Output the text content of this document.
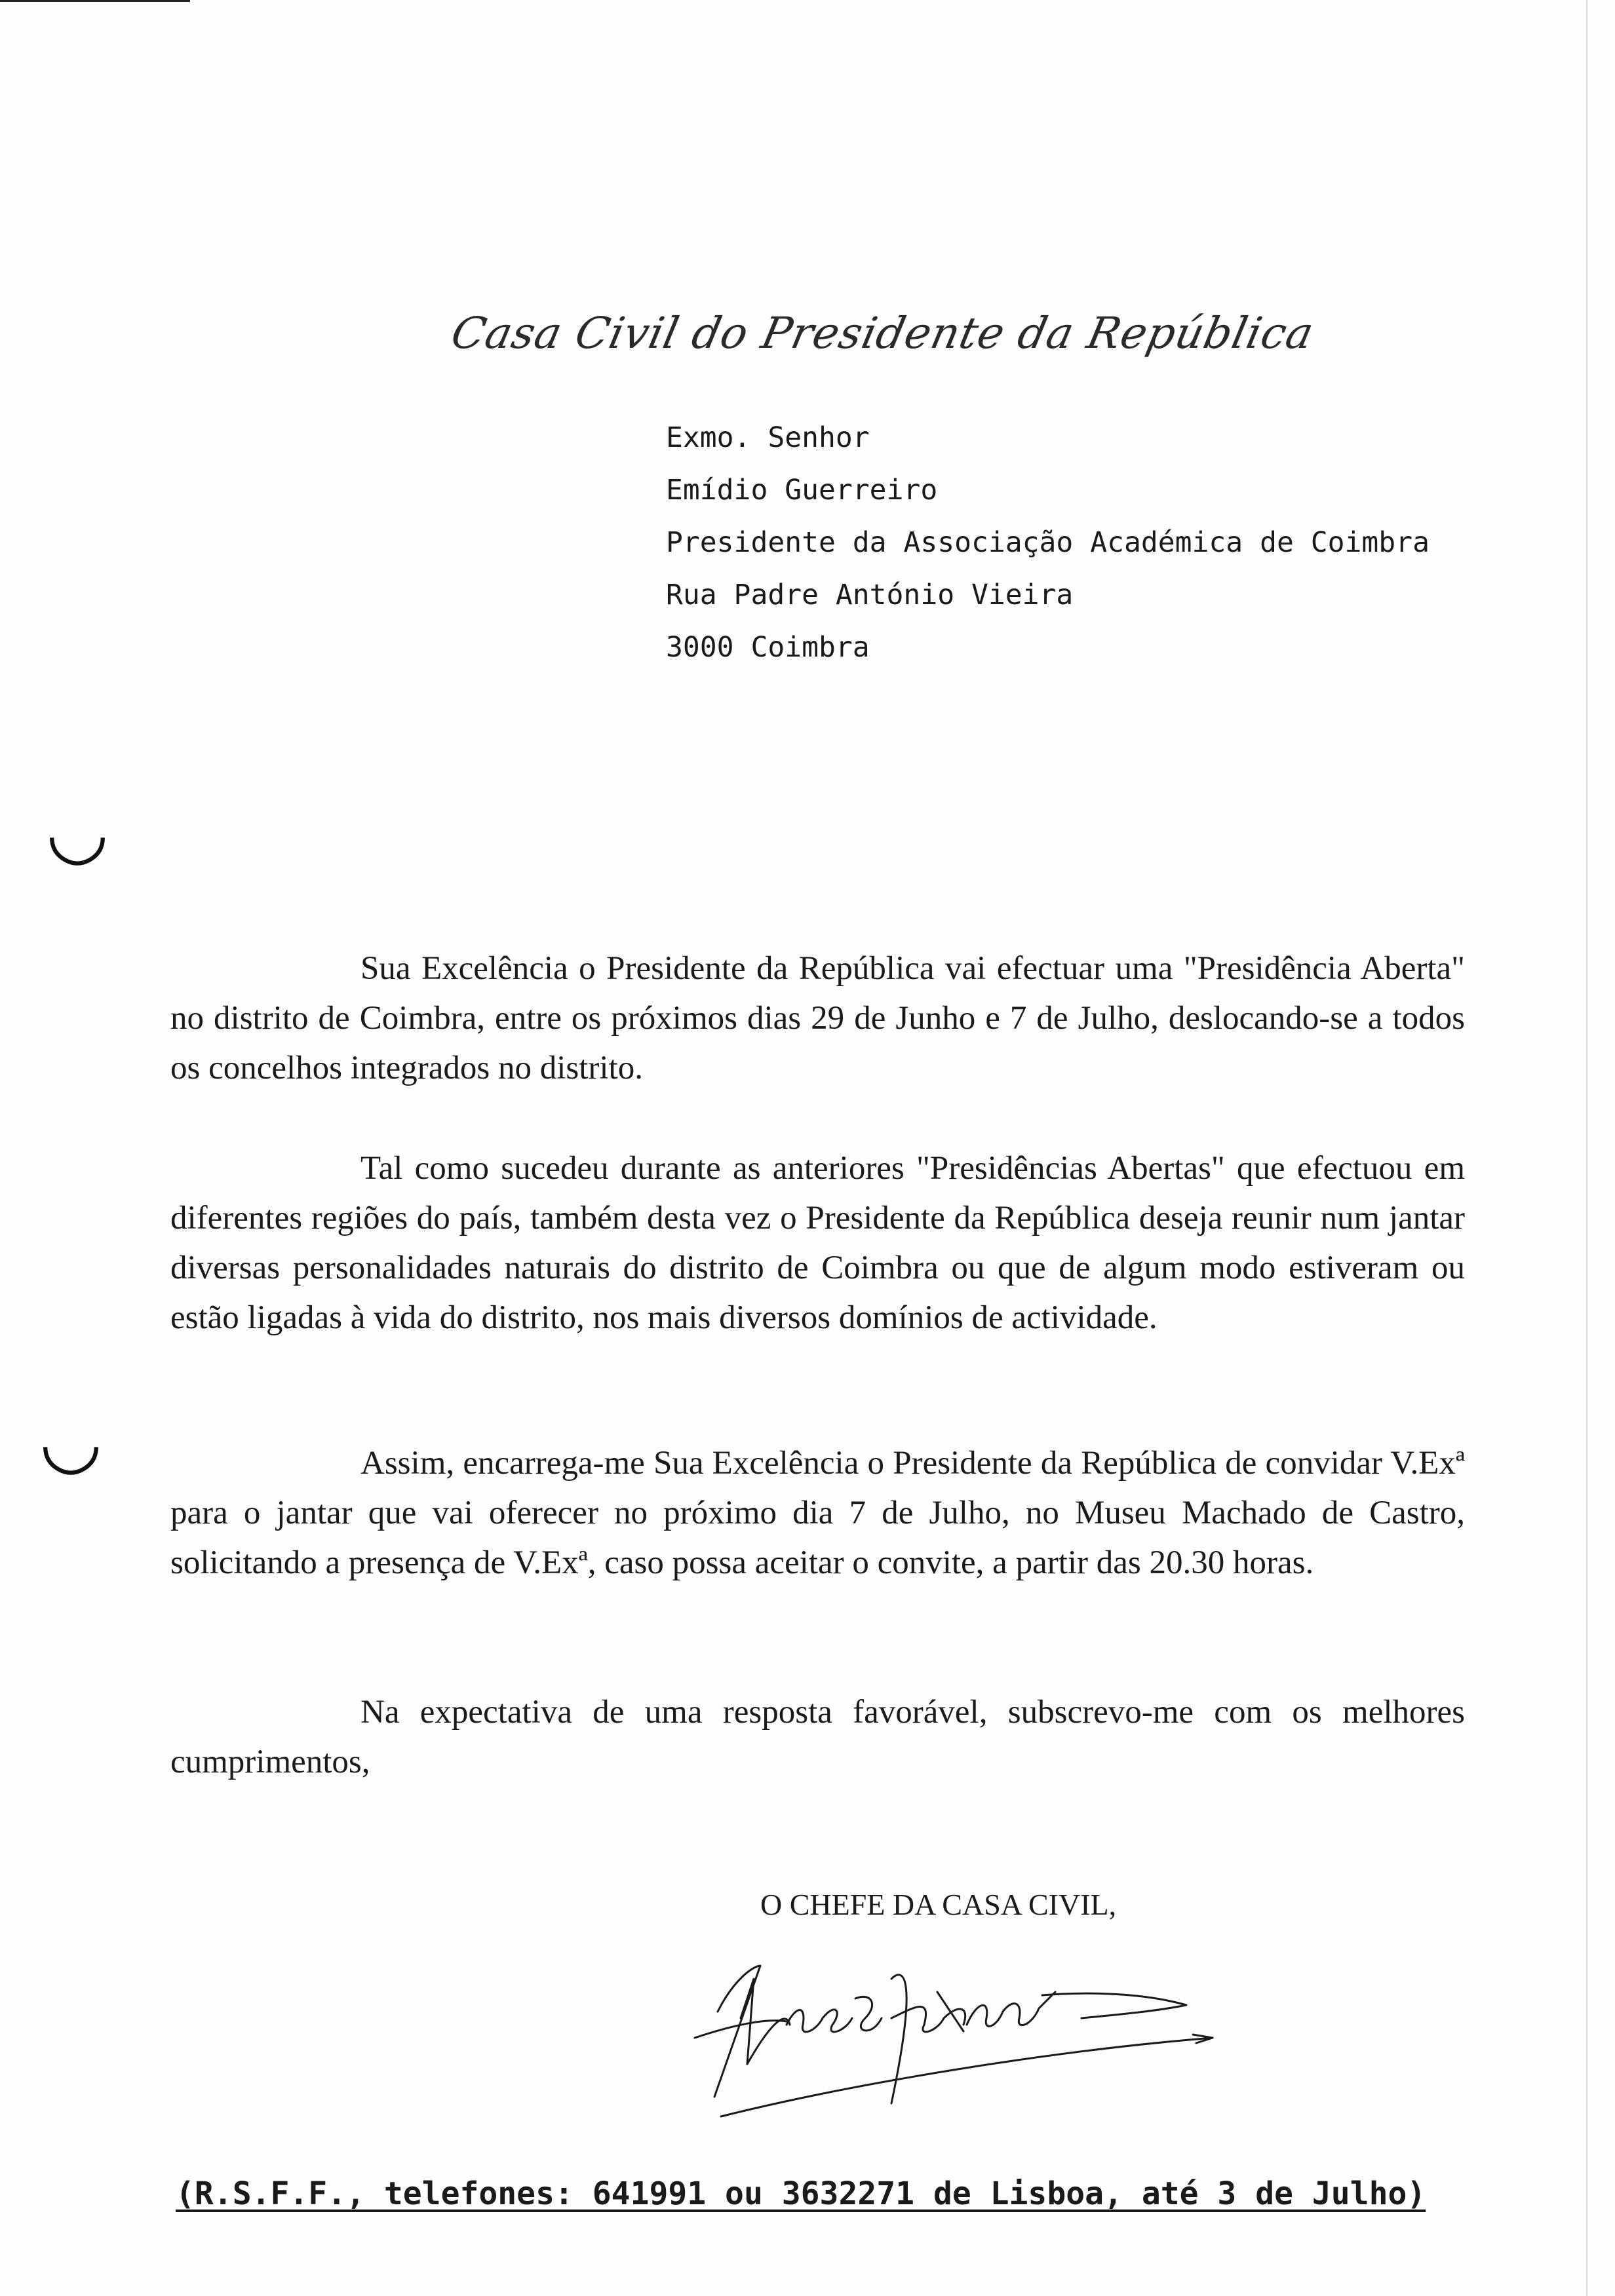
Casa Civil do Presidente da República
Exmo. Senhor
Emídio Guerreiro
Presidente da Associação Académica de Coimbra
Rua Padre António Vieira
3000 Coimbra
◡
◡

Sua Excelência o Presidente da República vai efectuar uma "Presidência Aberta" no distrito de Coimbra, entre os próximos dias 29 de Junho e 7 de Julho, deslocando-se a todos os concelhos integrados no distrito.

Tal como sucedeu durante as anteriores "Presidências Abertas" que efectuou em diferentes regiões do país, também desta vez o Presidente da República deseja reunir num jantar diversas personalidades naturais do distrito de Coimbra ou que de algum modo estiveram ou estão ligadas à vida do distrito, nos mais diversos domínios de actividade.

Assim, encarrega-me Sua Excelência o Presidente da República de convidar V.Exª para o jantar que vai oferecer no próximo dia 7 de Julho, no Museu Machado de Castro, solicitando a presença de V.Exª, caso possa aceitar o convite, a partir das 20.30 horas.

Na expectativa de uma resposta favorável, subscrevo-me com os melhores cumprimentos,

O CHEFE DA CASA CIVIL,
(R.S.F.F., telefones: 641991 ou 3632271 de Lisboa, até 3 de Julho)
